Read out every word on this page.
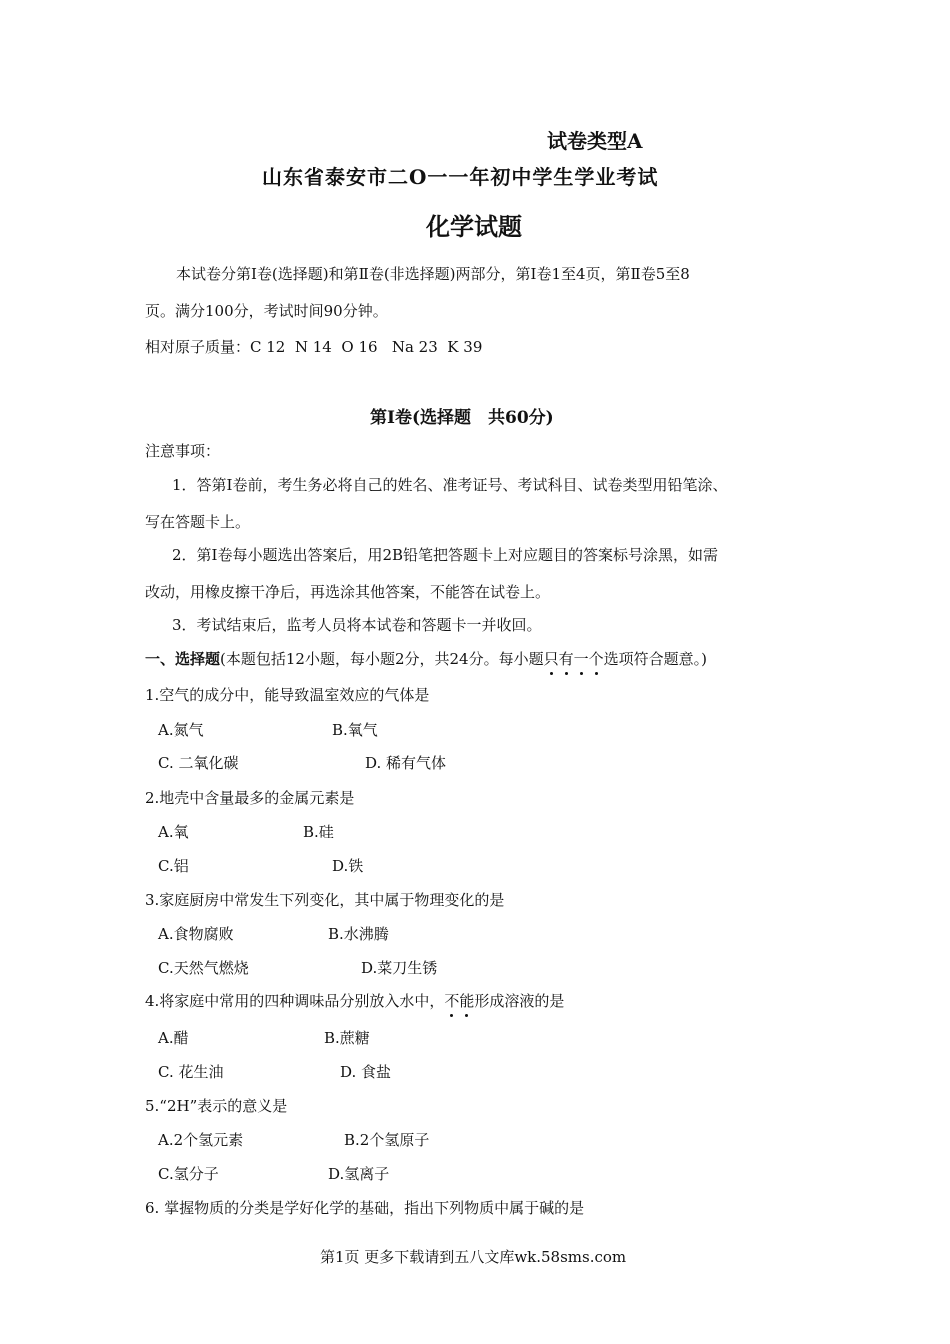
试卷类型A
山东省泰安市二O一一年初中学生学业考试
化学试题
本试卷分第Ⅰ卷(选择题)和第Ⅱ卷(非选择题)两部分，第Ⅰ卷1至4页，第Ⅱ卷5至8
页。满分100分，考试时间90分钟。
相对原子质量：C 12  N 14  O 16   Na 23  K 39
第Ⅰ卷(选择题　共60分)
注意事项：
1．答第Ⅰ卷前，考生务必将自己的姓名、准考证号、考试科目、试卷类型用铅笔涂、
写在答题卡上。
2．第Ⅰ卷每小题选出答案后，用2B铅笔把答题卡上对应题目的答案标号涂黑，如需
改动，用橡皮擦干净后，再选涂其他答案，不能答在试卷上。
3．考试结束后，监考人员将本试卷和答题卡一并收回。
一、选择题(本题包括12小题，每小题2分，共24分。每小题只有一个选项符合题意。)
1.空气的成分中，能导致温室效应的气体是
A.氮气	B.氧气
C. 二氧化碳	D. 稀有气体
2.地壳中含量最多的金属元素是
A.氧	B.硅
C.铝	D.铁
3.家庭厨房中常发生下列变化，其中属于物理变化的是
A.食物腐败	B.水沸腾
C.天然气燃烧	D.菜刀生锈
4.将家庭中常用的四种调味品分别放入水中，不能形成溶液的是
A.醋	B.蔗糖
C. 花生油	D. 食盐
5.“2H”表示的意义是
A.2个氢元素	B.2个氢原子
C.氢分子	D.氢离子
6. 掌握物质的分类是学好化学的基础，指出下列物质中属于碱的是
第1页 更多下载请到五八文库wk.58sms.com
